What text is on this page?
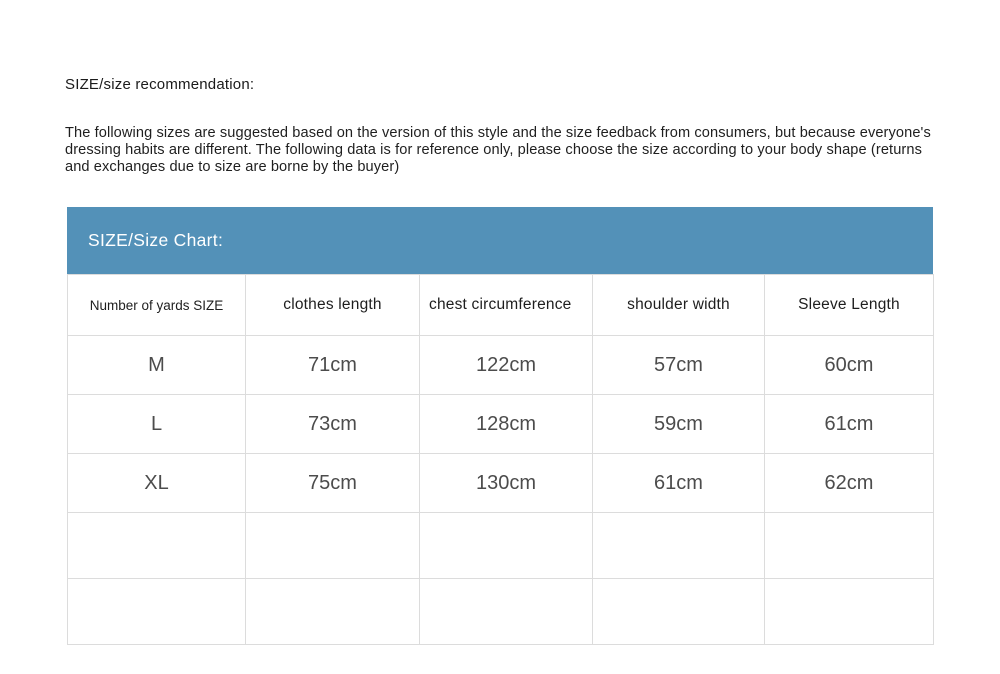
SIZE/size recommendation:

The following sizes are suggested based on the version of this style and the size feedback from consumers, but because everyone's dressing habits are different. The following data is for reference only, please choose the size according to your body shape (returns and exchanges due to size are borne by the buyer)

SIZE/Size Chart:
Number of yards SIZE	clothes length	chest circumference	shoulder width	Sleeve Length
M	71cm	122cm	57cm	60cm
L	73cm	128cm	59cm	61cm
XL	75cm	130cm	61cm	62cm
